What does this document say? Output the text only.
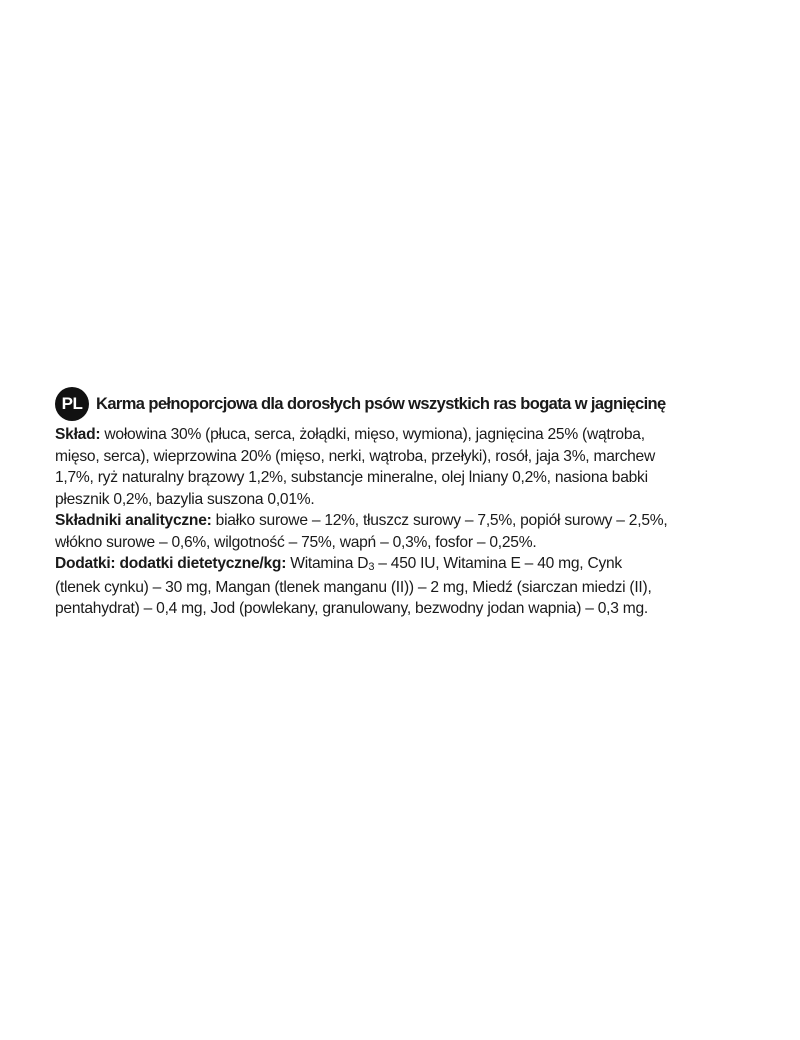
PL Karma pełnoporcjowa dla dorosłych psów wszystkich ras bogata w jagnięcinę
Skład: wołowina 30% (płuca, serca, żołądki, mięso, wymiona), jagnięcina 25% (wątroba,
mięso, serca), wieprzowina 20% (mięso, nerki, wątroba, przełyki), rosół, jaja 3%, marchew
1,7%, ryż naturalny brązowy 1,2%, substancje mineralne, olej lniany 0,2%, nasiona babki
płesznik 0,2%, bazylia suszona 0,01%.
Składniki analityczne: białko surowe – 12%, tłuszcz surowy – 7,5%, popiół surowy – 2,5%,
włókno surowe – 0,6%, wilgotność – 75%, wapń – 0,3%, fosfor – 0,25%.
Dodatki: dodatki dietetyczne/kg: Witamina $D_3 - 450$ IU, Witamina E – 40 mg, Cynk
(tlenek cynku) – 30 mg, Mangan (tlenek manganu (II)) – 2 mg, Miedź (siarczan miedzi (II),
pentahydrat) – 0,4 mg, Jod (powlekany, granulowany, bezwodny jodan wapnia) – 0,3 mg.
